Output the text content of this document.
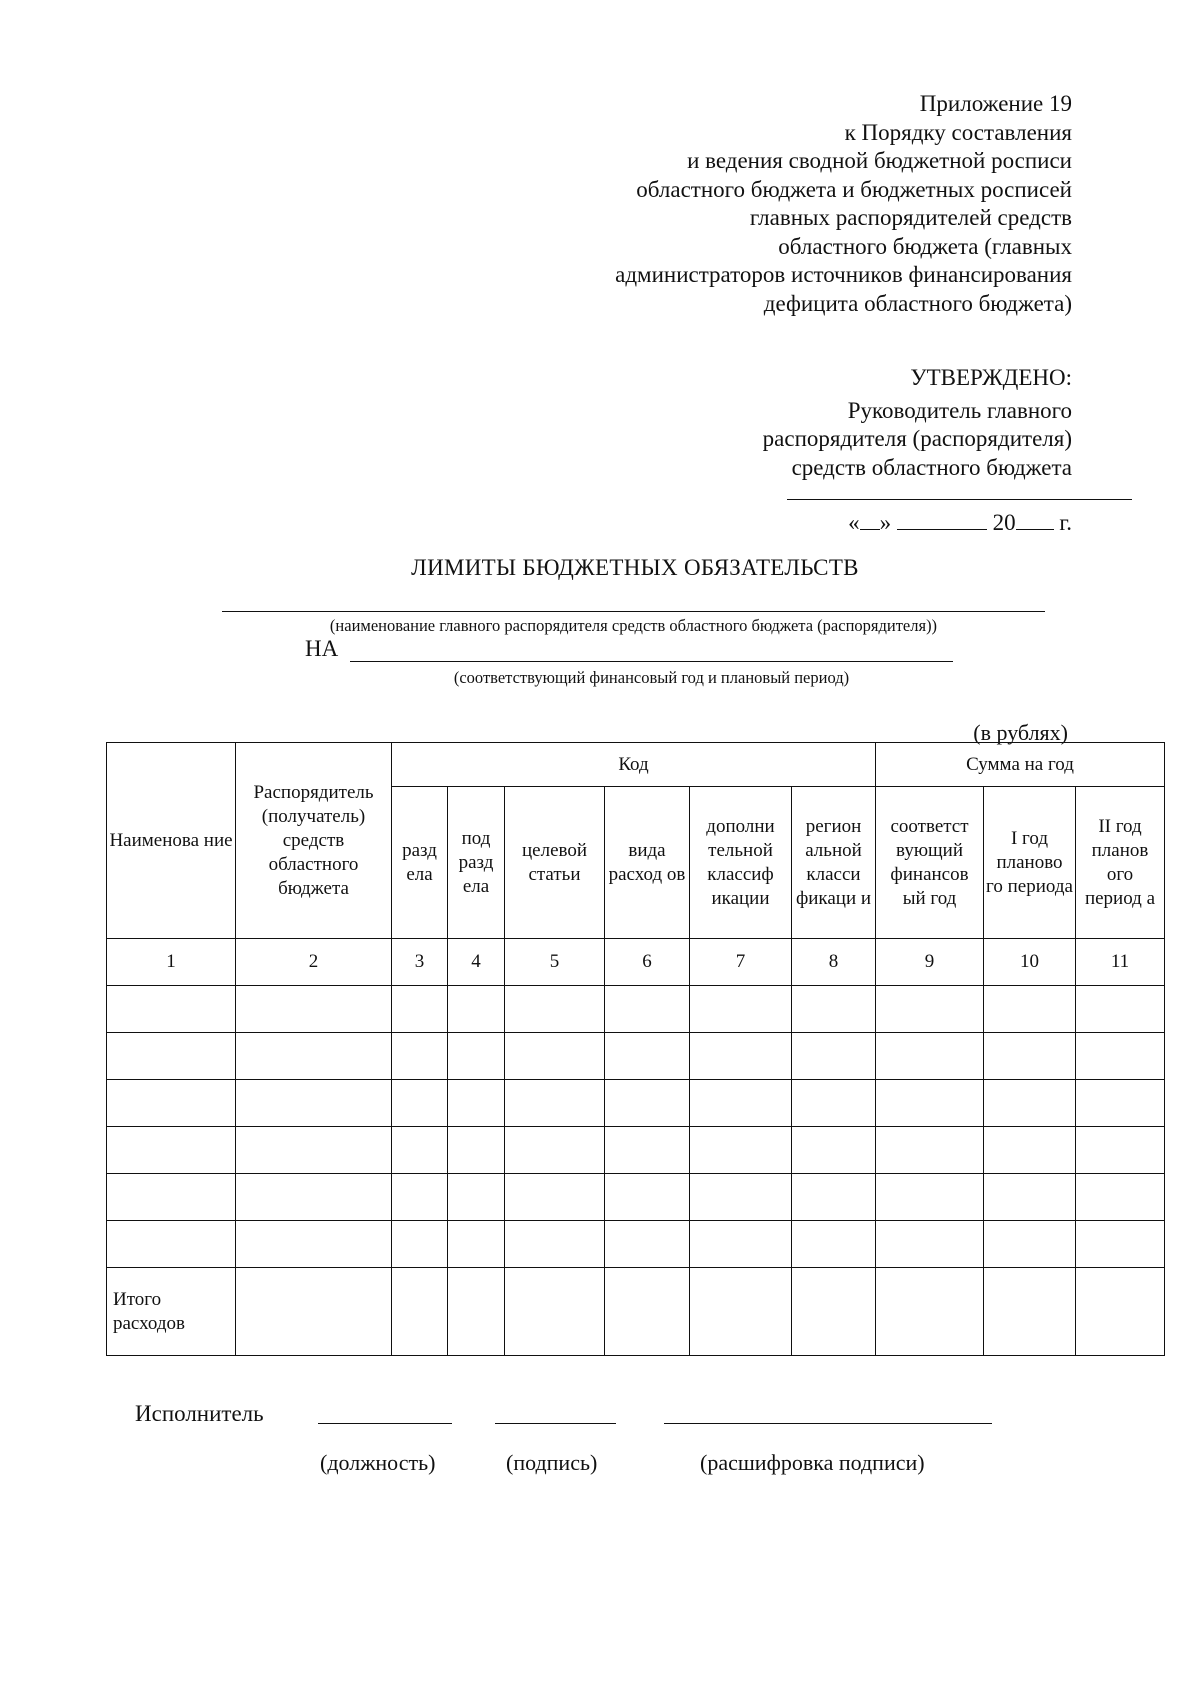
Приложение 19
к Порядку составления
и ведения сводной бюджетной росписи
областного бюджета и бюджетных росписей
главных распорядителей средств
областного бюджета (главных
администраторов источников финансирования
дефицита областного бюджета)
УТВЕРЖДЕНО:
Руководитель главного
распорядителя (распорядителя)
средств областного бюджета
« »	20 г.
ЛИМИТЫ БЮДЖЕТНЫХ ОБЯЗАТЕЛЬСТВ
(наименование главного распорядителя средств областного бюджета (распорядителя))
НА
(соответствующий финансовый год и плановый период)
(в рублях)
Наименова ние	Распорядитель (получатель) средств областного бюджета	Код						Сумма на год		
		разд ела	под разд ела	целевой статьи	вида расход ов	дополни тельной классиф икации	регион альной класси фикаци и	соответст вующий финансов ый год	I год планово го периода	II год планов ого период а
1	2	3	4	5	6	7	8	9	10	11

Итого расходов										
Исполнитель
(должность)	(подпись)	(расшифровка подписи)
